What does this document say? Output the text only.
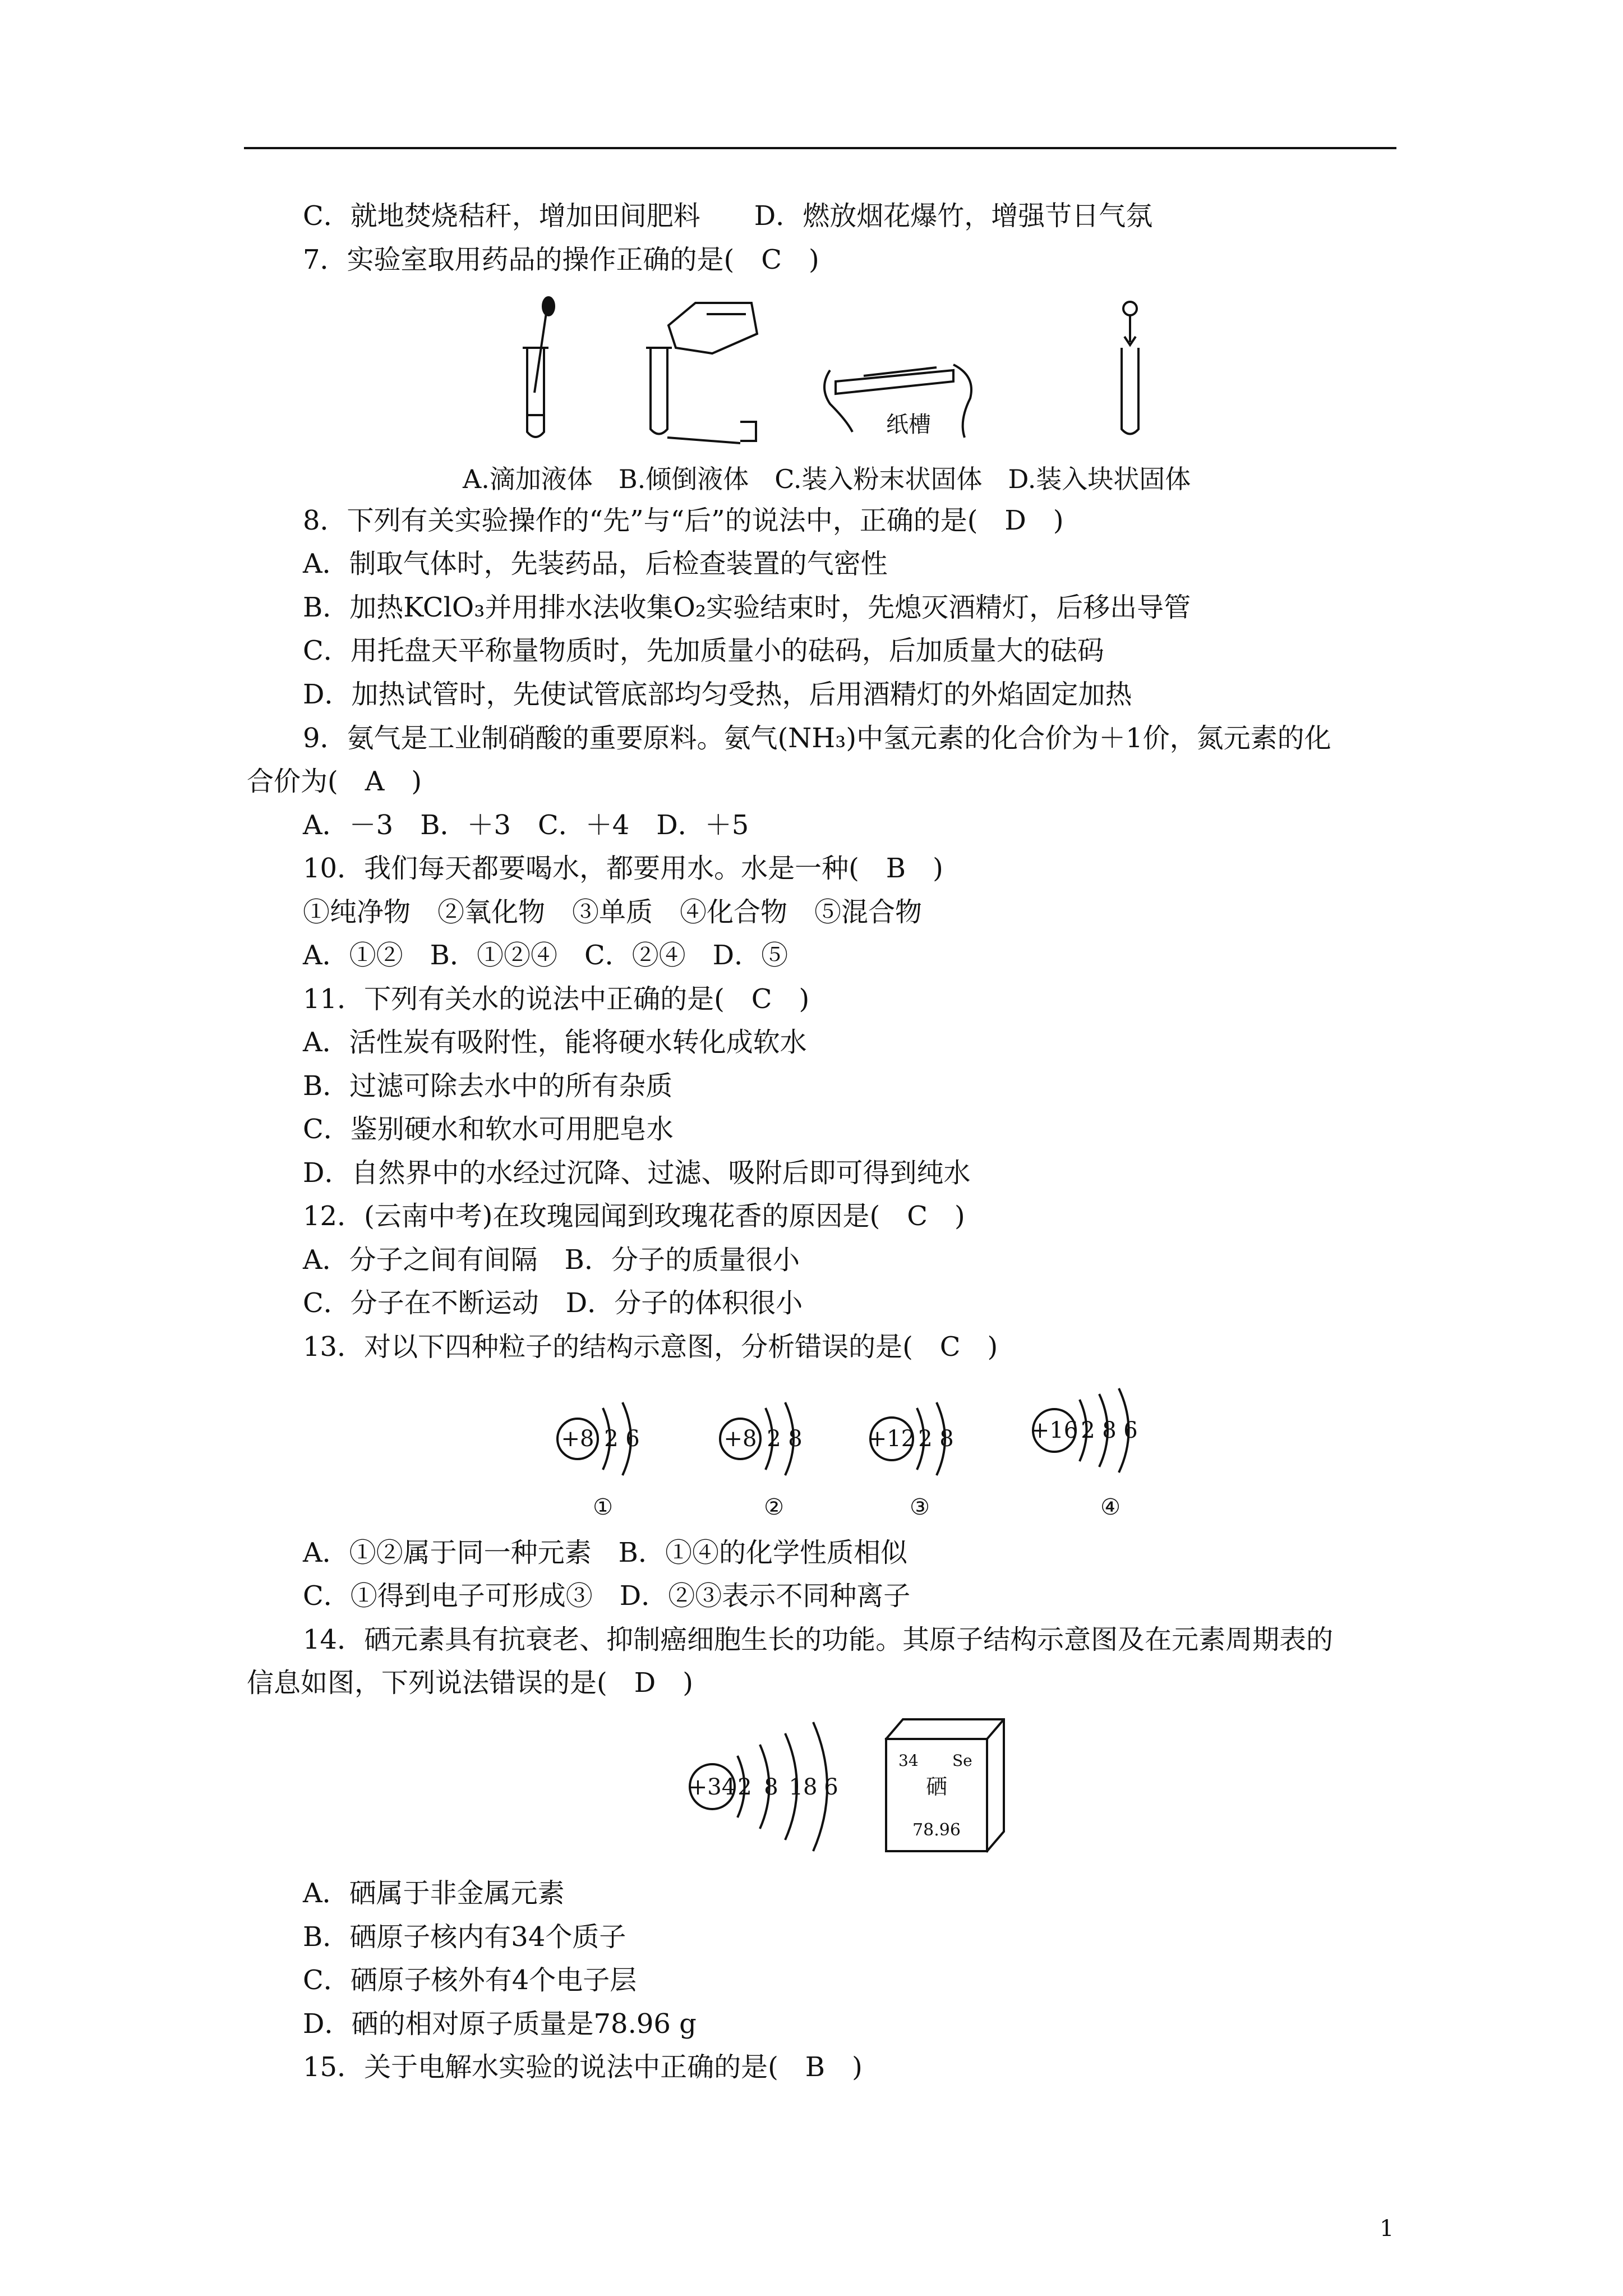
C．就地焚烧秸秆，增加田间肥料　　D．燃放烟花爆竹，增强节日气氛
7．实验室取用药品的操作正确的是(　C　)
纸槽
A.滴加液体　B.倾倒液体　C.装入粉末状固体　D.装入块状固体
8．下列有关实验操作的“先”与“后”的说法中，正确的是(　D　)
A．制取气体时，先装药品，后检查装置的气密性
B．加热KClO₃并用排水法收集O₂实验结束时，先熄灭酒精灯，后移出导管
C．用托盘天平称量物质时，先加质量小的砝码，后加质量大的砝码
D．加热试管时，先使试管底部均匀受热，后用酒精灯的外焰固定加热
9．氨气是工业制硝酸的重要原料。氨气(NH₃)中氢元素的化合价为＋1价，氮元素的化
合价为(　A　)
A．－3　B．＋3　C．＋4　D．＋5
10．我们每天都要喝水，都要用水。水是一种(　B　)
①纯净物　②氧化物　③单质　④化合物　⑤混合物
A．①②　B．①②④　C．②④　D．⑤
11．下列有关水的说法中正确的是(　C　)
A．活性炭有吸附性，能将硬水转化成软水
B．过滤可除去水中的所有杂质
C．鉴别硬水和软水可用肥皂水
D．自然界中的水经过沉降、过滤、吸附后即可得到纯水
12．(云南中考)在玫瑰园闻到玫瑰花香的原因是(　C　)
A．分子之间有间隔　B．分子的质量很小
C．分子在不断运动　D．分子的体积很小
13．对以下四种粒子的结构示意图，分析错误的是(　C　)
+8 2 6
①
+8 2 8
②
+12 2 8
③
+16 2 8 6
④
A．①②属于同一种元素　B．①④的化学性质相似
C．①得到电子可形成③　D．②③表示不同种离子
14．硒元素具有抗衰老、抑制癌细胞生长的功能。其原子结构示意图及在元素周期表的
信息如图，下列说法错误的是(　D　)
+34 2 8 18 6
34 Se
硒
78.96
A．硒属于非金属元素
B．硒原子核内有34个质子
C．硒原子核外有4个电子层
D．硒的相对原子质量是78.96 g
15．关于电解水实验的说法中正确的是(　B　)
1
